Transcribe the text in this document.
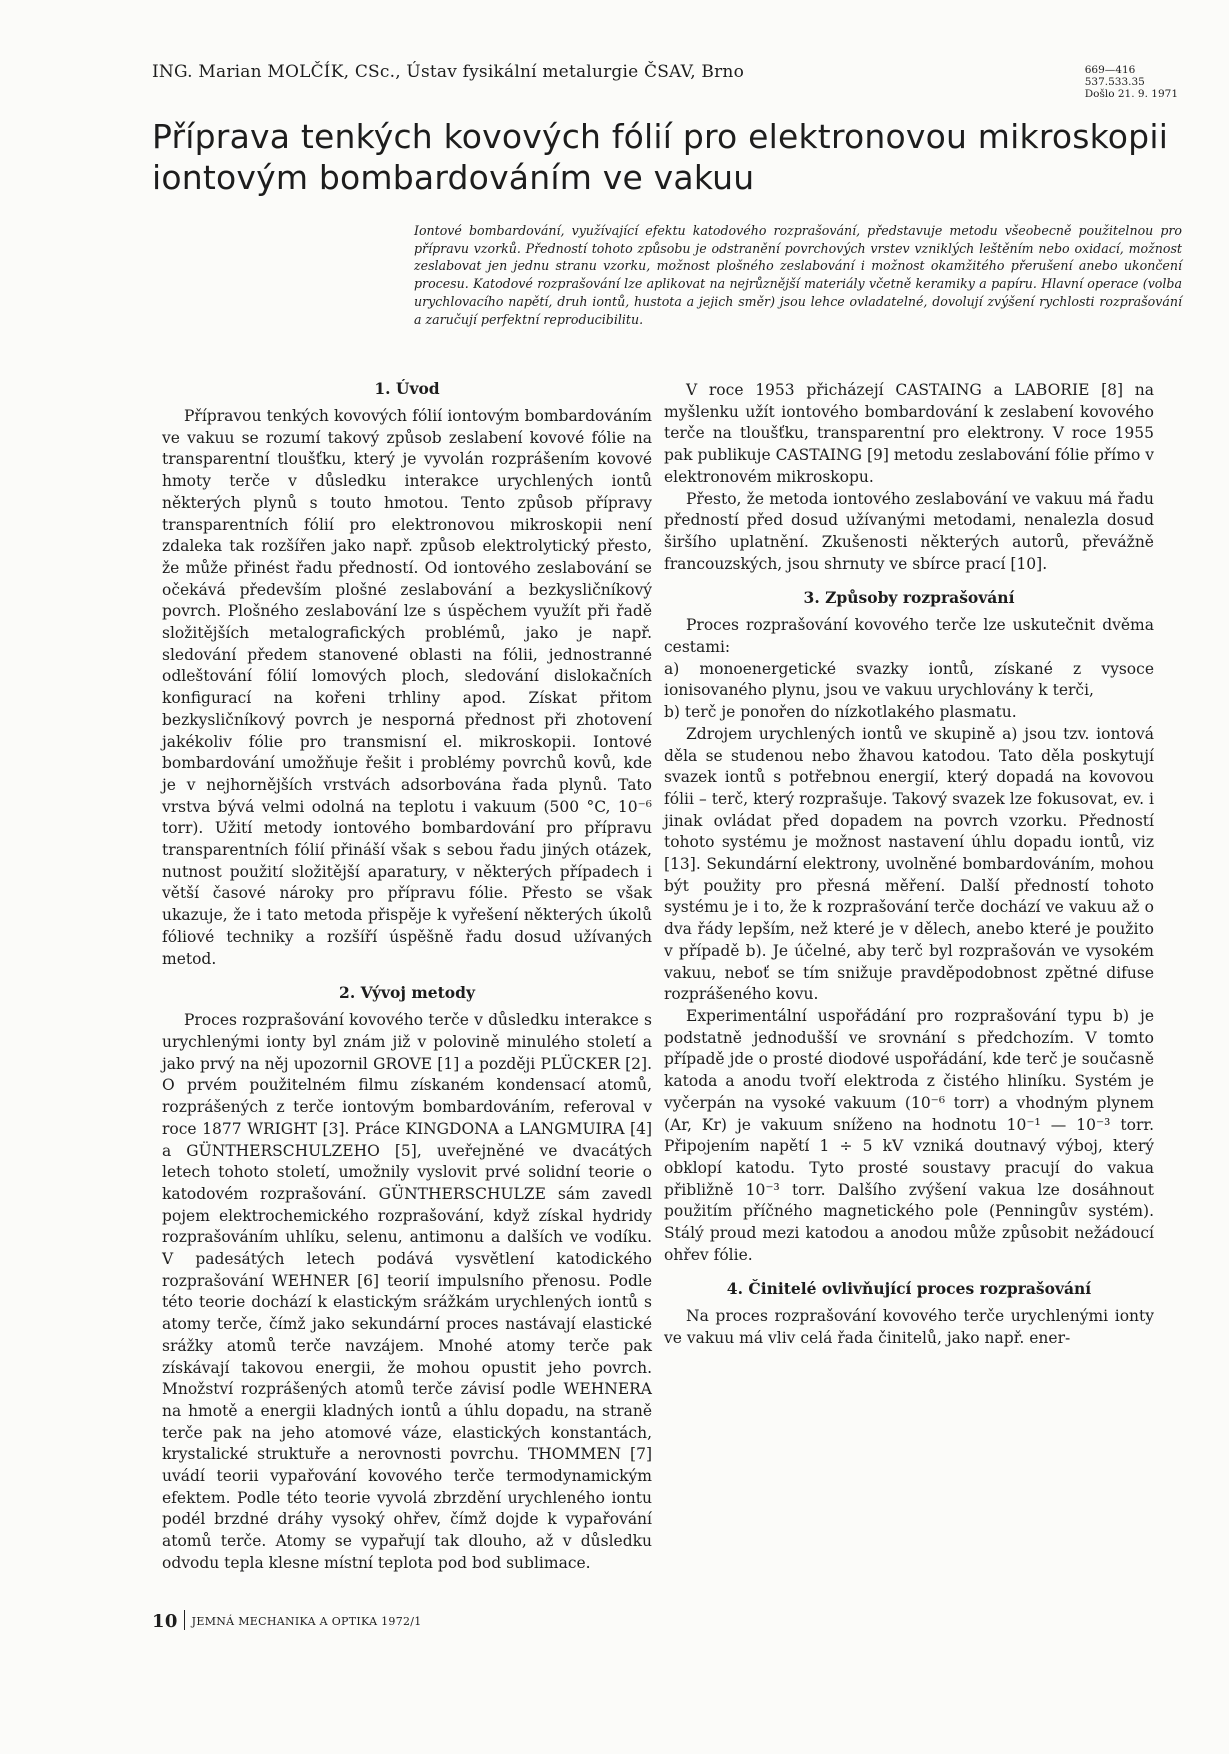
ING. Marian MOLČÍK, CSc., Ústav fysikální metalurgie ČSAV, Brno	669—416
537.533.35
Došlo 21. 9. 1971
Příprava tenkých kovových fólií pro elektronovou mikroskopii
iontovým bombardováním ve vakuu

Iontové bombardování, využívající efektu katodového rozprašování, představuje metodu všeobecně použitelnou pro přípravu vzorků. Předností tohoto způsobu je odstranění povrchových vrstev vzniklých leštěním nebo oxidací, možnost zeslabovat jen jednu stranu vzorku, možnost plošného zeslabování i možnost okamžitého přerušení anebo ukončení procesu. Katodové rozprašování lze aplikovat na nejrůznější materiály včetně keramiky a papíru. Hlavní operace (volba urychlovacího napětí, druh iontů, hustota a jejich směr) jsou lehce ovladatelné, dovolují zvýšení rychlosti rozprašování a zaručují perfektní reproducibilitu.

1. Úvod

Přípravou tenkých kovových fólií iontovým bombardováním ve vakuu se rozumí takový způsob zeslabení kovové fólie na transparentní tloušťku, který je vyvolán rozprášením kovové hmoty terče v důsledku interakce urychlených iontů některých plynů s touto hmotou. Tento způsob přípravy transparentních fólií pro elektronovou mikroskopii není zdaleka tak rozšířen jako např. způsob elektrolytický přesto, že může přinést řadu předností. Od iontového zeslabování se očekává především plošné zeslabování a bezkysličníkový povrch. Plošného zeslabování lze s úspěchem využít při řadě složitějších metalografických problémů, jako je např. sledování předem stanovené oblasti na fólii, jednostranné odleštování fólií lomových ploch, sledování dislokačních konfigurací na kořeni trhliny apod. Získat přitom bezkysličníkový povrch je nesporná přednost při zhotovení jakékoliv fólie pro transmisní el. mikroskopii. Iontové bombardování umožňuje řešit i problémy povrchů kovů, kde je v nejhornějších vrstvách adsorbována řada plynů. Tato vrstva bývá velmi odolná na teplotu i vakuum (500 °C, 10⁻⁶ torr). Užití metody iontového bombardování pro přípravu transparentních fólií přináší však s sebou řadu jiných otázek, nutnost použití složitější aparatury, v některých případech i větší časové nároky pro přípravu fólie. Přesto se však ukazuje, že i tato metoda přispěje k vyřešení některých úkolů fóliové techniky a rozšíří úspěšně řadu dosud užívaných metod.

2. Vývoj metody

Proces rozprašování kovového terče v důsledku interakce s urychlenými ionty byl znám již v polovině minulého století a jako prvý na něj upozornil GROVE [1] a později PLÜCKER [2]. O prvém použitelném filmu získaném kondensací atomů, rozprášených z terče iontovým bombardováním, referoval v roce 1877 WRIGHT [3]. Práce KINGDONA a LANGMUIRA [4] a GÜNTHERSCHULZEHO [5], uveřejněné ve dvacátých letech tohoto století, umožnily vyslovit prvé solidní teorie o katodovém rozprašování. GÜNTHERSCHULZE sám zavedl pojem elektrochemického rozprašování, když získal hydridy rozprašováním uhlíku, selenu, antimonu a dalších ve vodíku. V padesátých letech podává vysvětlení katodického rozprašování WEHNER [6] teorií impulsního přenosu. Podle této teorie dochází k elastickým srážkám urychlených iontů s atomy terče, čímž jako sekundární proces nastávají elastické srážky atomů terče navzájem. Mnohé atomy terče pak získávají takovou energii, že mohou opustit jeho povrch. Množství rozprášených atomů terče závisí podle WEHNERA na hmotě a energii kladných iontů a úhlu dopadu, na straně terče pak na jeho atomové váze, elastických konstantách, krystalické struktuře a nerovnosti povrchu. THOMMEN [7] uvádí teorii vypařování kovového terče termodynamickým efektem. Podle této teorie vyvolá zbrzdění urychleného iontu podél brzdné dráhy vysoký ohřev, čímž dojde k vypařování atomů terče. Atomy se vypařují tak dlouho, až v důsledku odvodu tepla klesne místní teplota pod bod sublimace.

V roce 1953 přicházejí CASTAING a LABORIE [8] na myšlenku užít iontového bombardování k zeslabení kovového terče na tloušťku, transparentní pro elektrony. V roce 1955 pak publikuje CASTAING [9] metodu zeslabování fólie přímo v elektronovém mikroskopu.

Přesto, že metoda iontového zeslabování ve vakuu má řadu předností před dosud užívanými metodami, nenalezla dosud širšího uplatnění. Zkušenosti některých autorů, převážně francouzských, jsou shrnuty ve sbírce prací [10].

3. Způsoby rozprašování

Proces rozprašování kovového terče lze uskutečnit dvěma cestami:

a) monoenergetické svazky iontů, získané z vysoce ionisovaného plynu, jsou ve vakuu urychlovány k terči,

b) terč je ponořen do nízkotlakého plasmatu.

Zdrojem urychlených iontů ve skupině a) jsou tzv. iontová děla se studenou nebo žhavou katodou. Tato děla poskytují svazek iontů s potřebnou energií, který dopadá na kovovou fólii – terč, který rozprašuje. Takový svazek lze fokusovat, ev. i jinak ovládat před dopadem na povrch vzorku. Předností tohoto systému je možnost nastavení úhlu dopadu iontů, viz [13]. Sekundární elektrony, uvolněné bombardováním, mohou být použity pro přesná měření. Další předností tohoto systému je i to, že k rozprašování terče dochází ve vakuu až o dva řády lepším, než které je v dělech, anebo které je použito v případě b). Je účelné, aby terč byl rozprašován ve vysokém vakuu, neboť se tím snižuje pravděpodobnost zpětné difuse rozprášeného kovu.

Experimentální uspořádání pro rozprašování typu b) je podstatně jednodušší ve srovnání s předchozím. V tomto případě jde o prosté diodové uspořádání, kde terč je současně katoda a anodu tvoří elektroda z čistého hliníku. Systém je vyčerpán na vysoké vakuum (10⁻⁶ torr) a vhodným plynem (Ar, Kr) je vakuum sníženo na hodnotu 10⁻¹ — 10⁻³ torr. Připojením napětí 1 ÷ 5 kV vzniká doutnavý výboj, který obklopí katodu. Tyto prosté soustavy pracují do vakua přibližně 10⁻³ torr. Dalšího zvýšení vakua lze dosáhnout použitím příčného magnetického pole (Penningův systém). Stálý proud mezi katodou a anodou může způsobit nežádoucí ohřev fólie.

4. Činitelé ovlivňující proces rozprašování

Na proces rozprašování kovového terče urychlenými ionty ve vakuu má vliv celá řada činitelů, jako např. ener-

10 JEMNÁ MECHANIKA A OPTIKA 1972/1
